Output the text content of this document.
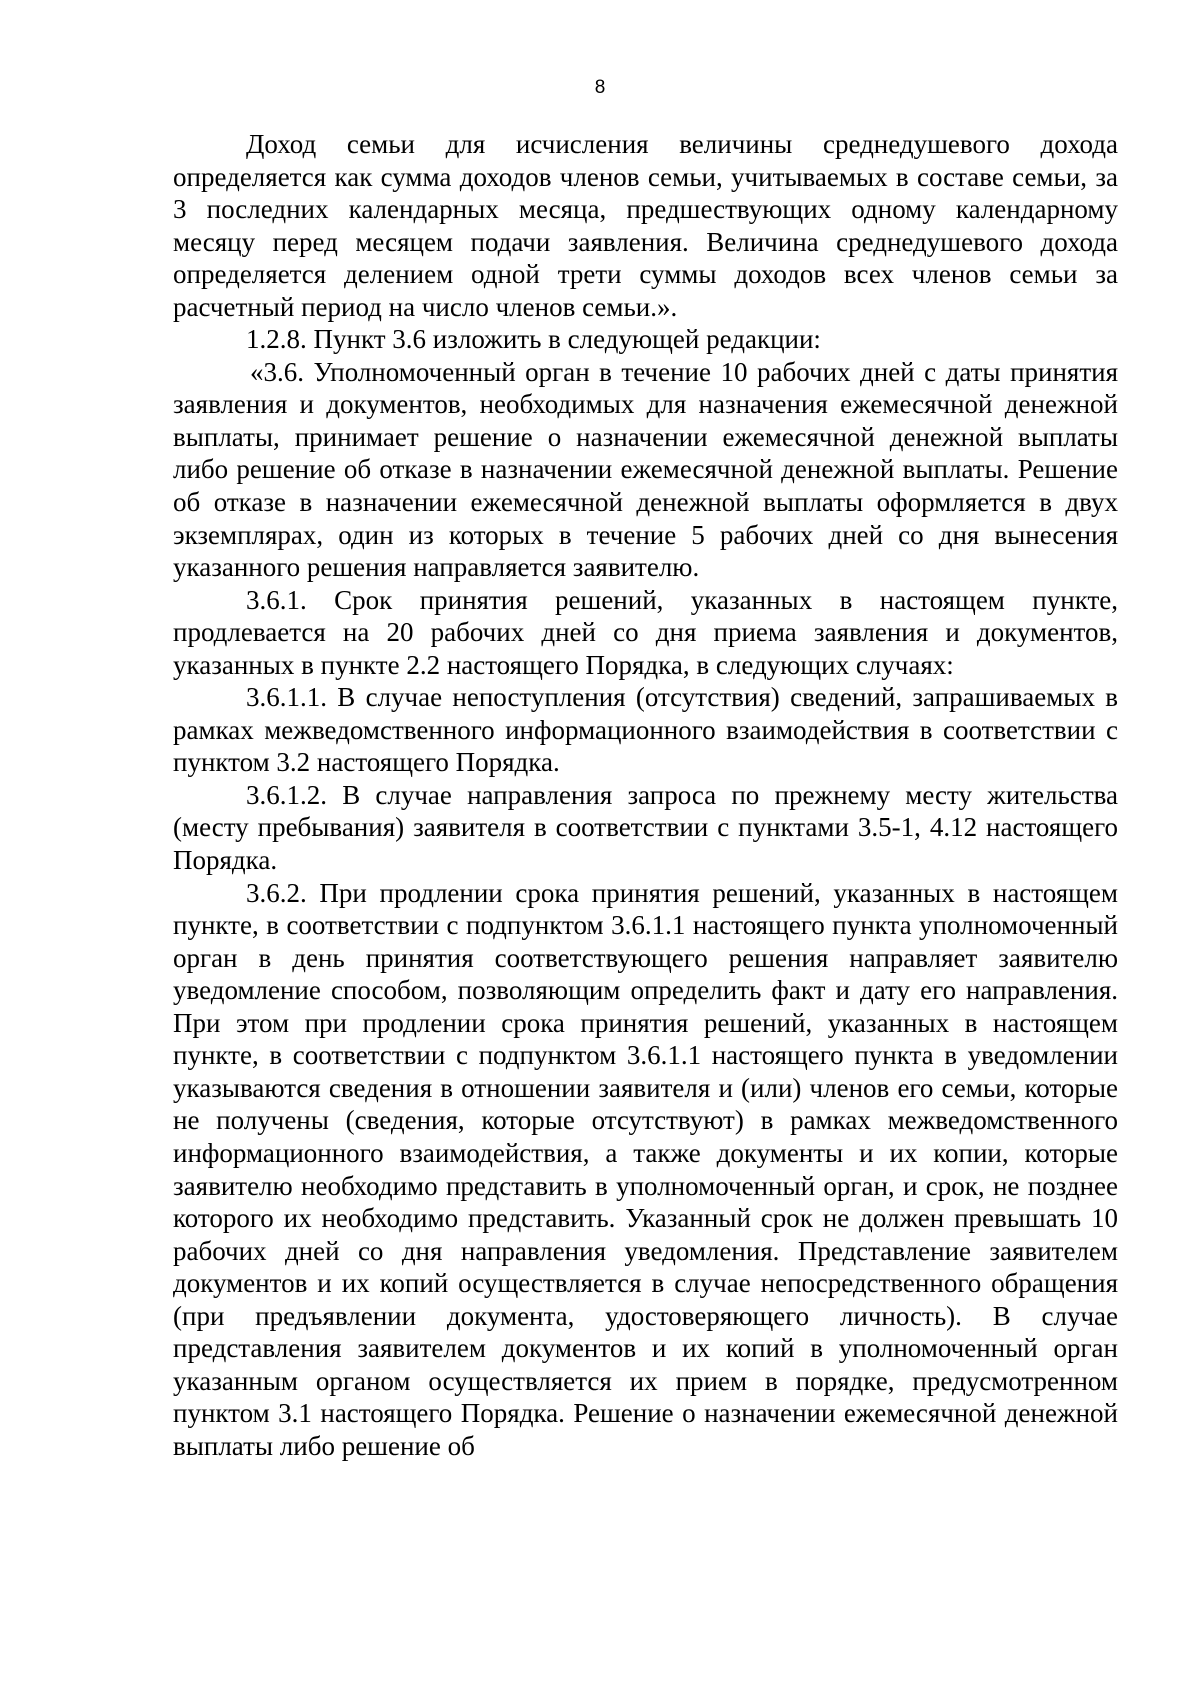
8

Доход семьи для исчисления величины среднедушевого дохода определяется как сумма доходов членов семьи, учитываемых в составе семьи, за 3 последних календарных месяца, предшествующих одному календарному месяцу перед месяцем подачи заявления. Величина среднедушевого дохода определяется делением одной трети суммы доходов всех членов семьи за расчетный период на число членов семьи.».

1.2.8. Пункт 3.6 изложить в следующей редакции:

«3.6. Уполномоченный орган в течение 10 рабочих дней с даты принятия заявления и документов, необходимых для назначения ежемесячной денежной выплаты, принимает решение о назначении ежемесячной денежной выплаты либо решение об отказе в назначении ежемесячной денежной выплаты. Решение об отказе в назначении ежемесячной денежной выплаты оформляется в двух экземплярах, один из которых в течение 5 рабочих дней со дня вынесения указанного решения направляется заявителю.

3.6.1. Срок принятия решений, указанных в настоящем пункте, продлевается на 20 рабочих дней со дня приема заявления и документов, указанных в пункте 2.2 настоящего Порядка, в следующих случаях:

3.6.1.1. В случае непоступления (отсутствия) сведений, запрашиваемых в рамках межведомственного информационного взаимодействия в соответствии с пунктом 3.2 настоящего Порядка.

3.6.1.2. В случае направления запроса по прежнему месту жительства (месту пребывания) заявителя в соответствии с пунктами 3.5-1, 4.12 настоящего Порядка.

3.6.2. При продлении срока принятия решений, указанных в настоящем пункте, в соответствии с подпунктом 3.6.1.1 настоящего пункта уполномоченный орган в день принятия соответствующего решения направляет заявителю уведомление способом, позволяющим определить факт и дату его направления. При этом при продлении срока принятия решений, указанных в настоящем пункте, в соответствии с подпунктом 3.6.1.1 настоящего пункта в уведомлении указываются сведения в отношении заявителя и (или) членов его семьи, которые не получены (сведения, которые отсутствуют) в рамках межведомственного информационного взаимодействия, а также документы и их копии, которые заявителю необходимо представить в уполномоченный орган, и срок, не позднее которого их необходимо представить. Указанный срок не должен превышать 10 рабочих дней со дня направления уведомления. Представление заявителем документов и их копий осуществляется в случае непосредственного обращения (при предъявлении документа, удостоверяющего личность). В случае представления заявителем документов и их копий в уполномоченный орган указанным органом осуществляется их прием в порядке, предусмотренном пунктом 3.1 настоящего Порядка. Решение о назначении ежемесячной денежной выплаты либо решение об
